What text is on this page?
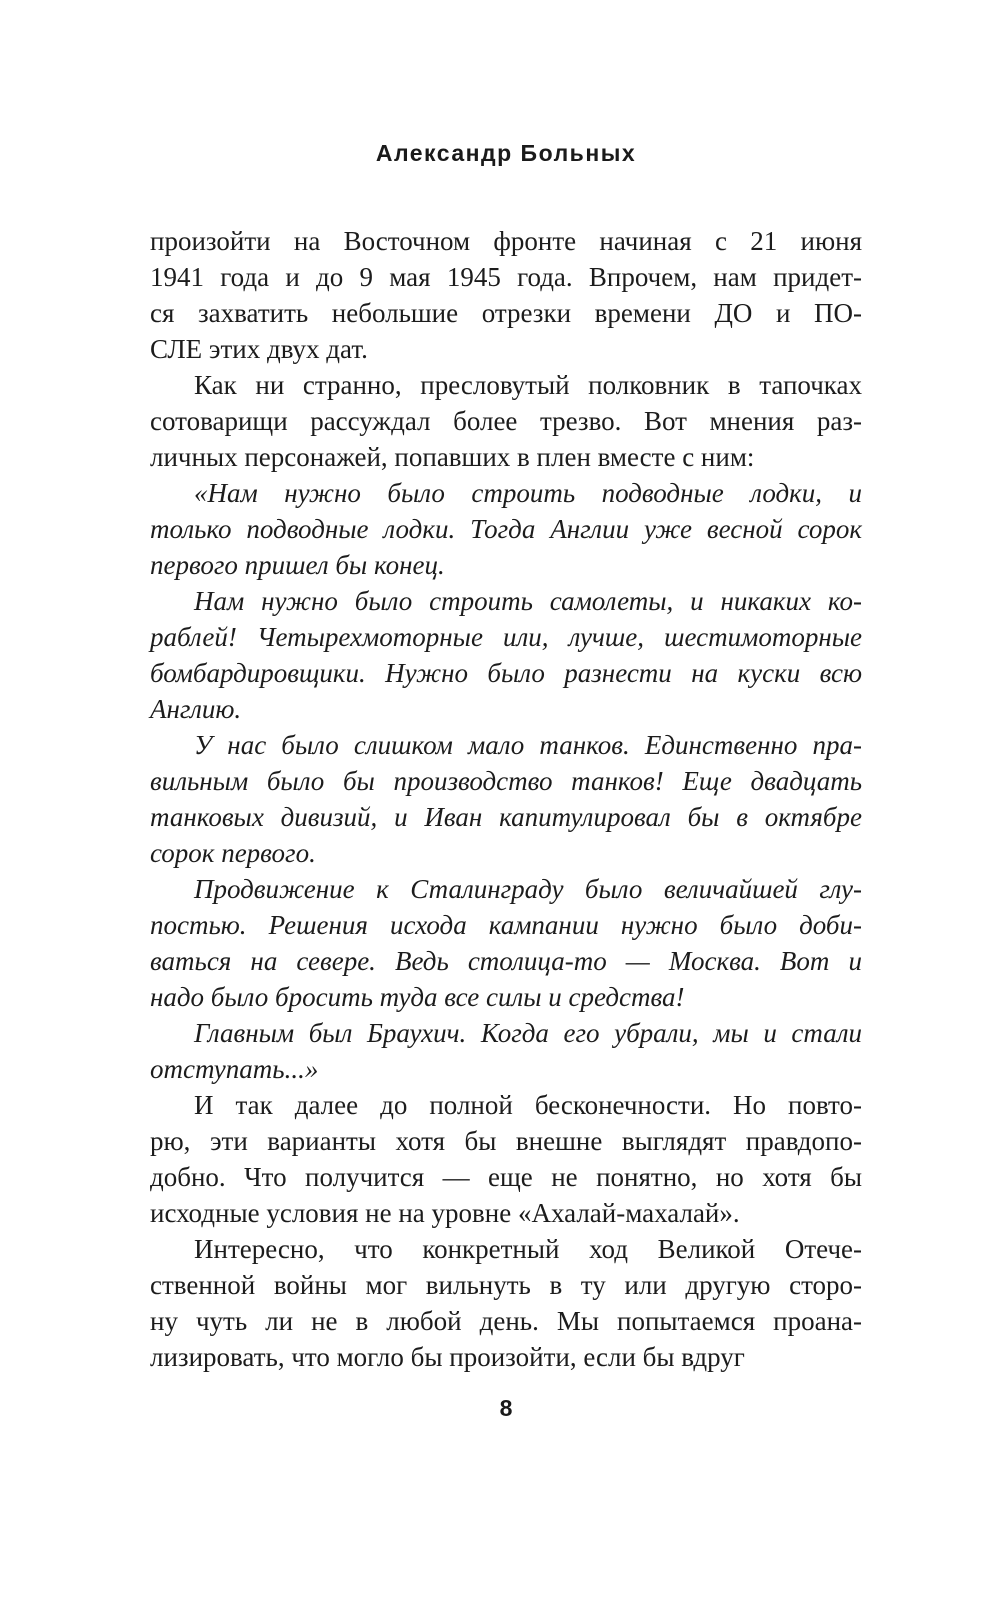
Александр Больных
произойти на Восточном фронте начиная с 21 июня
1941 года и до 9 мая 1945 года. Впрочем, нам придет-
ся захватить небольшие отрезки времени ДО и ПО-
СЛЕ этих двух дат.
Как ни странно, пресловутый полковник в тапочках
сотоварищи рассуждал более трезво. Вот мнения раз-
личных персонажей, попавших в плен вместе с ним:
«Нам нужно было строить подводные лодки, и
только подводные лодки. Тогда Англии уже весной сорок
первого пришел бы конец.
Нам нужно было строить самолеты, и никаких ко-
раблей! Четырехмоторные или, лучше, шестимоторные
бомбардировщики. Нужно было разнести на куски всю
Англию.
У нас было слишком мало танков. Единственно пра-
вильным было бы производство танков! Еще двадцать
танковых дивизий, и Иван капитулировал бы в октябре
сорок первого.
Продвижение к Сталинграду было величайшей глу-
постью. Решения исхода кампании нужно было доби-
ваться на севере. Ведь столица-то — Москва. Вот и
надо было бросить туда все силы и средства!
Главным был Браухич. Когда его убрали, мы и стали
отступать...»
И так далее до полной бесконечности. Но повто-
рю, эти варианты хотя бы внешне выглядят правдопо-
добно. Что получится — еще не понятно, но хотя бы
исходные условия не на уровне «Ахалай-махалай».
Интересно, что конкретный ход Великой Отече-
ственной войны мог вильнуть в ту или другую сторо-
ну чуть ли не в любой день. Мы попытаемся проана-
лизировать, что могло бы произойти, если бы вдруг
8
